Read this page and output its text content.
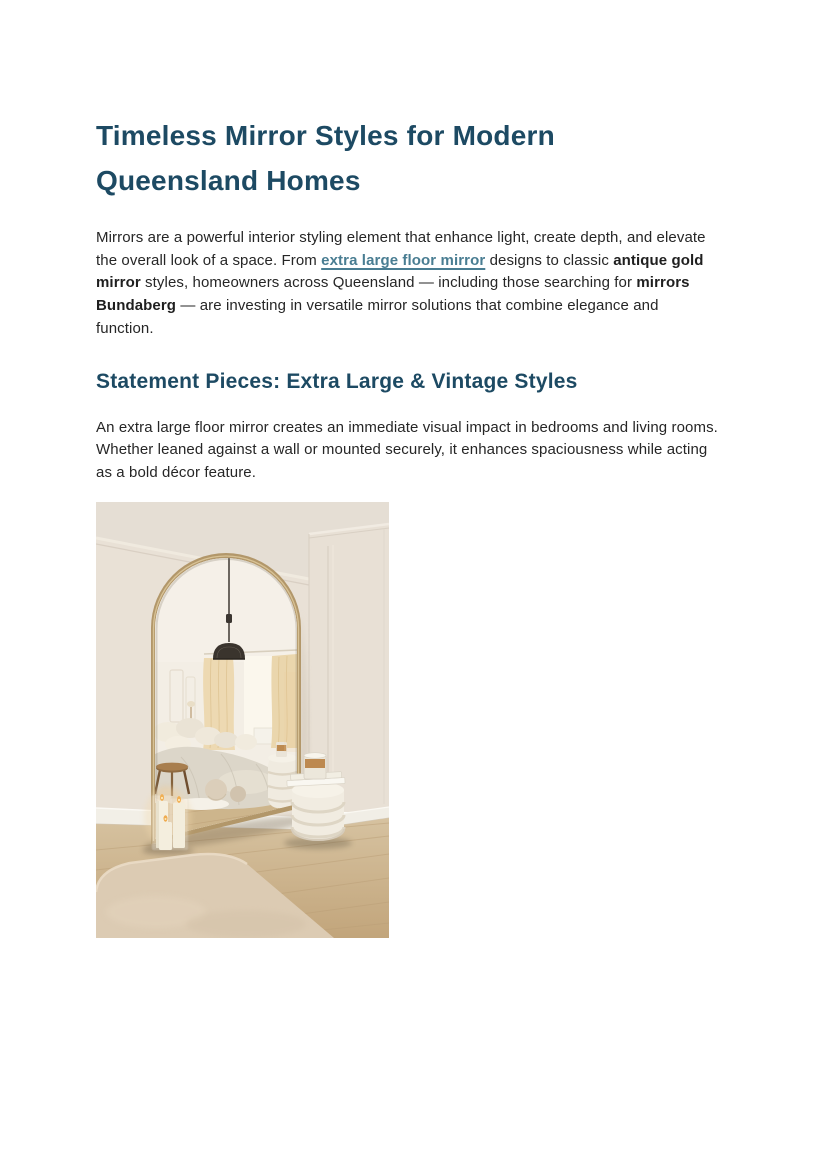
Timeless Mirror Styles for Modern Queensland Homes

Mirrors are a powerful interior styling element that enhance light, create depth, and elevate the overall look of a space. From extra large floor mirror designs to classic antique gold mirror styles, homeowners across Queensland — including those searching for mirrors Bundaberg — are investing in versatile mirror solutions that combine elegance and function.

Statement Pieces: Extra Large & Vintage Styles

An extra large floor mirror creates an immediate visual impact in bedrooms and living rooms. Whether leaned against a wall or mounted securely, it enhances spaciousness while acting as a bold décor feature.
